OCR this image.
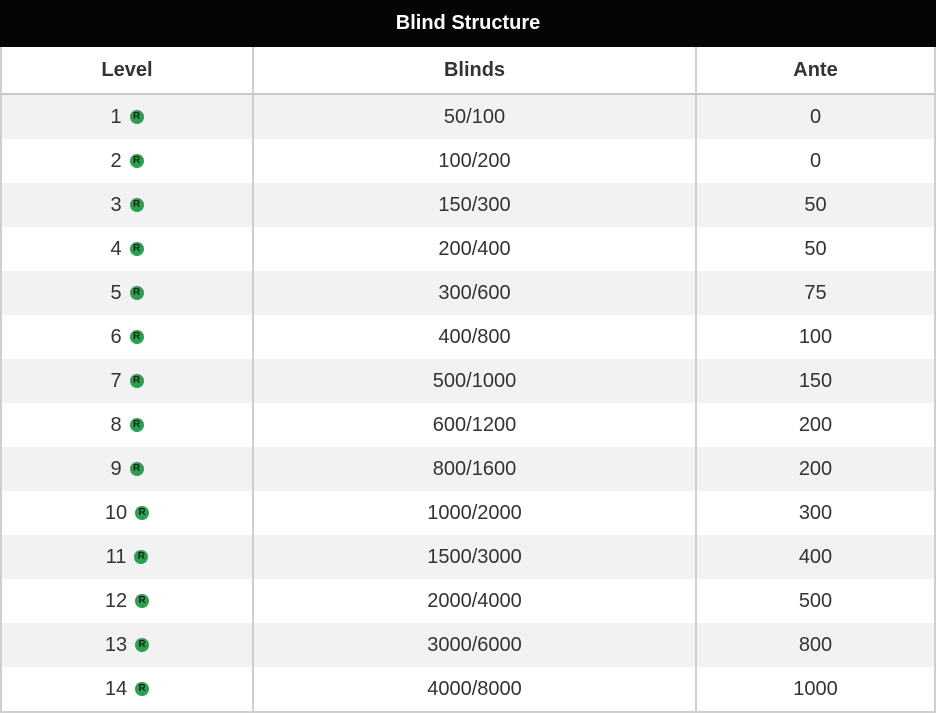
Blind Structure
Level	Blinds	Ante
1	R	50/100	0
2	R	100/200	0
3	R	150/300	50
4	R	200/400	50
5	R	300/600	75
6	R	400/800	100
7	R	500/1000	150
8	R	600/1200	200
9	R	800/1600	200
10	R	1000/2000	300
11	R	1500/3000	400
12	R	2000/4000	500
13	R	3000/6000	800
14	R	4000/8000	1000
